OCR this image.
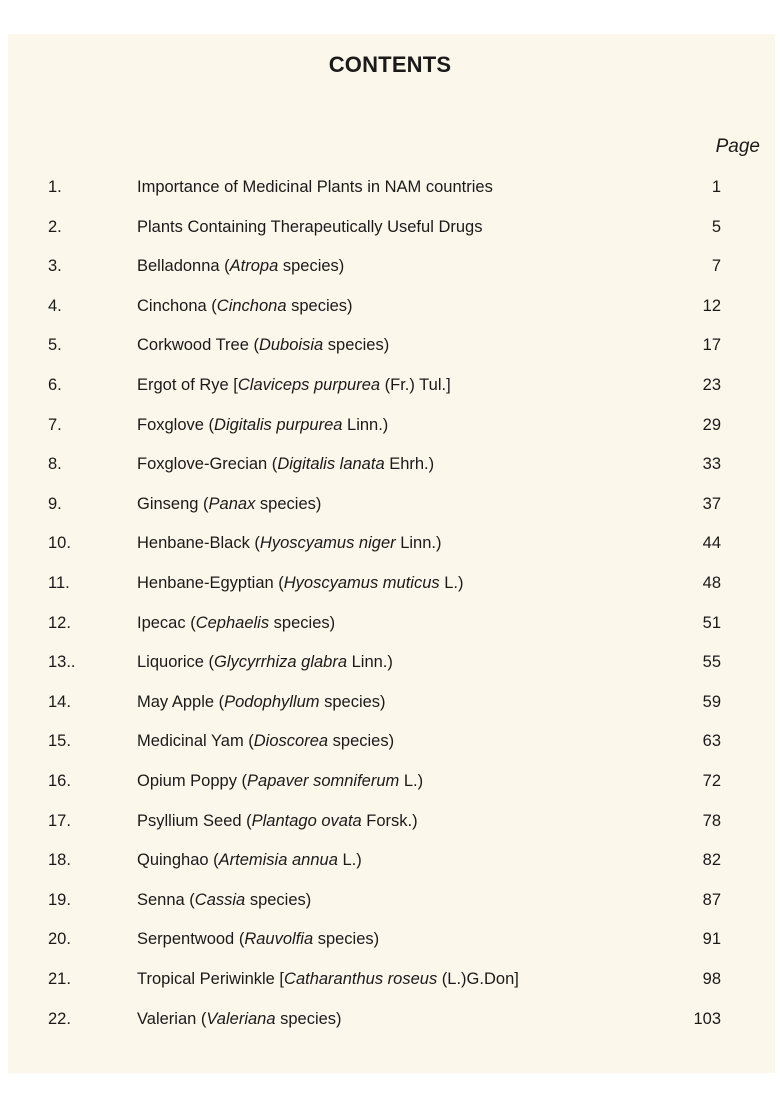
CONTENTS
Page
1.	Importance of Medicinal Plants in NAM countries	1
2.	Plants Containing Therapeutically Useful Drugs	5
3.	Belladonna (Atropa species)	7
4.	Cinchona (Cinchona species)	12
5.	Corkwood Tree (Duboisia species)	17
6.	Ergot of Rye [Claviceps purpurea (Fr.) Tul.]	23
7.	Foxglove (Digitalis purpurea Linn.)	29
8.	Foxglove-Grecian (Digitalis lanata Ehrh.)	33
9.	Ginseng (Panax species)	37
10.	Henbane-Black (Hyoscyamus niger Linn.)	44
11.	Henbane-Egyptian (Hyoscyamus muticus L.)	48
12.	Ipecac (Cephaelis species)	51
13..	Liquorice (Glycyrrhiza glabra Linn.)	55
14.	May Apple (Podophyllum species)	59
15.	Medicinal Yam (Dioscorea species)	63
16.	Opium Poppy (Papaver somniferum L.)	72
17.	Psyllium Seed (Plantago ovata Forsk.)	78
18.	Quinghao (Artemisia annua L.)	82
19.	Senna (Cassia species)	87
20.	Serpentwood (Rauvolfia species)	91
21.	Tropical Periwinkle [Catharanthus roseus (L.)G.Don]	98
22.	Valerian (Valeriana species)	103
